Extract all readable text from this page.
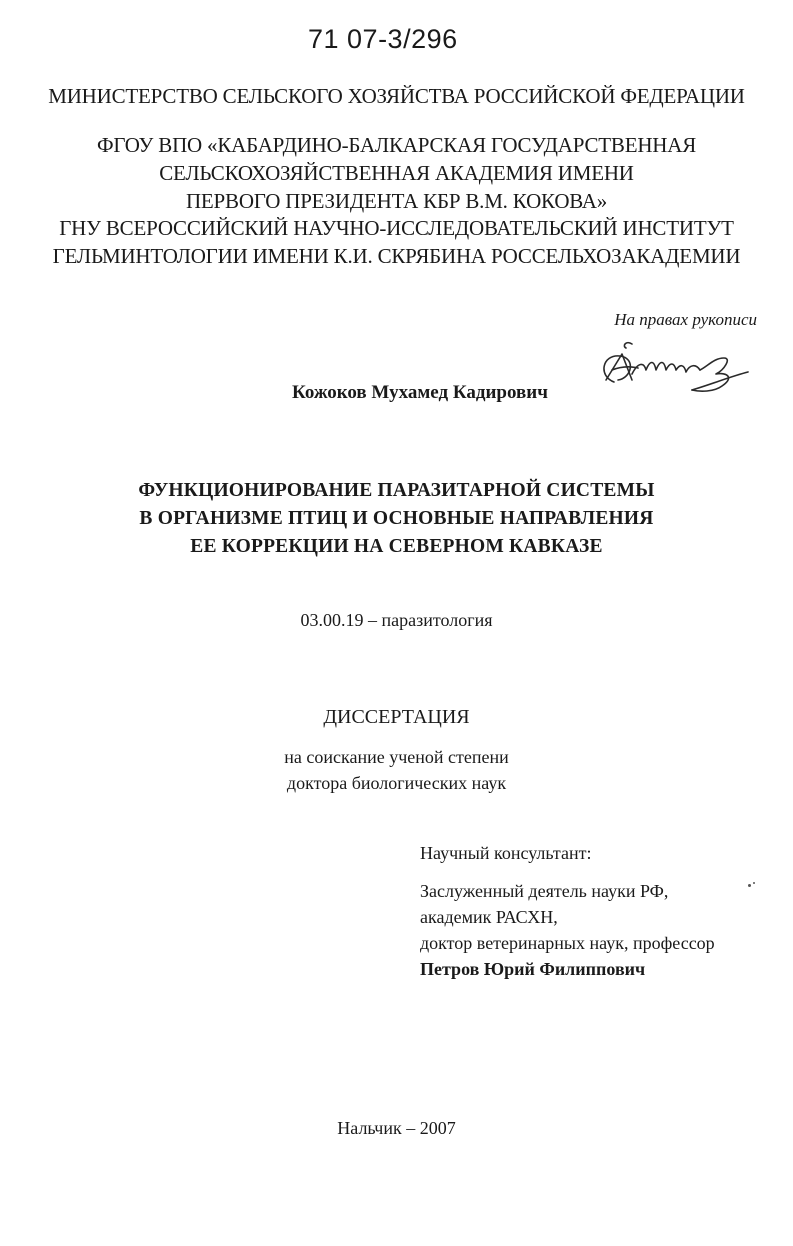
71 07-3/296
МИНИСТЕРСТВО СЕЛЬСКОГО ХОЗЯЙСТВА РОССИЙСКОЙ ФЕДЕРАЦИИ
ФГОУ ВПО «КАБАРДИНО-БАЛКАРСКАЯ ГОСУДАРСТВЕННАЯ
СЕЛЬСКОХОЗЯЙСТВЕННАЯ АКАДЕМИЯ ИМЕНИ
ПЕРВОГО ПРЕЗИДЕНТА КБР В.М. КОКОВА»
ГНУ ВСЕРОССИЙСКИЙ НАУЧНО-ИССЛЕДОВАТЕЛЬСКИЙ ИНСТИТУТ
ГЕЛЬМИНТОЛОГИИ ИМЕНИ К.И. СКРЯБИНА РОССЕЛЬХОЗАКАДЕМИИ
На правах рукописи
Кожоков Мухамед Кадирович
ФУНКЦИОНИРОВАНИЕ ПАРАЗИТАРНОЙ СИСТЕМЫ
В ОРГАНИЗМЕ ПТИЦ И ОСНОВНЫЕ НАПРАВЛЕНИЯ
ЕЕ КОРРЕКЦИИ НА СЕВЕРНОМ КАВКАЗЕ
03.00.19 – паразитология
ДИССЕРТАЦИЯ
на соискание ученой степени
доктора биологических наук
Научный консультант:
Заслуженный деятель науки РФ,
академик РАСХН,
доктор ветеринарных наук, профессор
Петров Юрий Филиппович
Нальчик – 2007
